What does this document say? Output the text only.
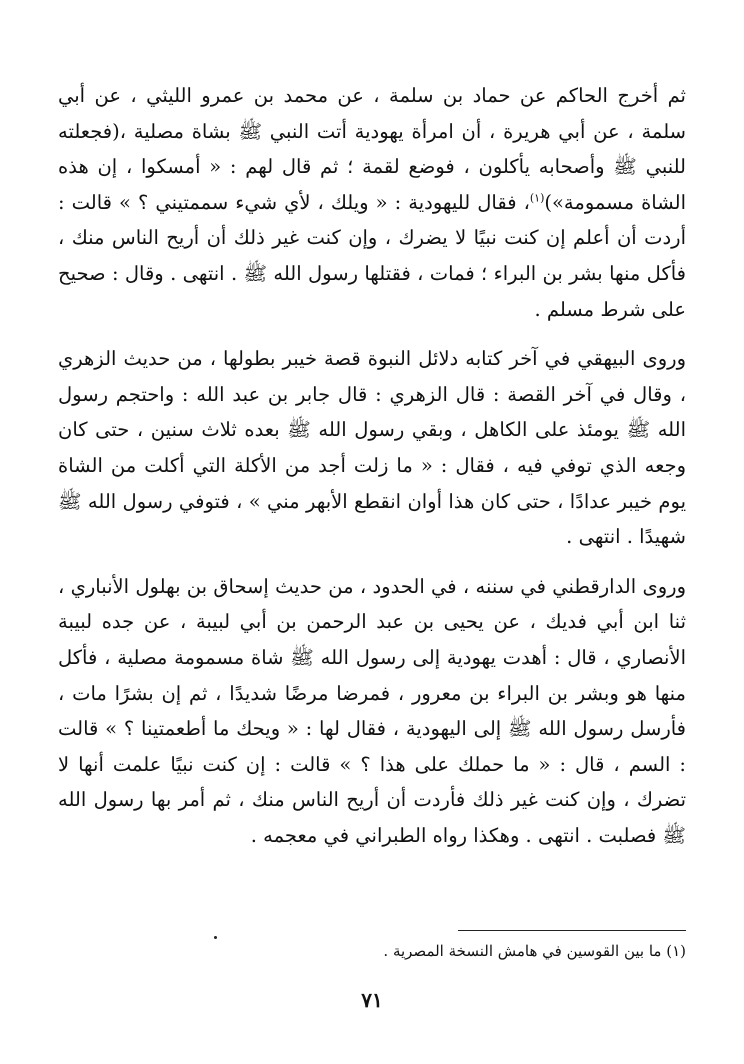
ثم أخرج الحاكم عن حماد بن سلمة ، عن محمد بن عمرو الليثي ، عن أبي سلمة ، عن أبي هريرة ، أن امرأة يهودية أتت النبي ﷺ بشاة مصلية ،(فجعلته للنبي ﷺ وأصحابه يأكلون ، فوضع لقمة ؛ ثم قال لهم : « أمسكوا ، إن هذه الشاة مسمومة»)$^{(١)}$، فقال لليهودية : « ويلك ، لأي شيء سممتيني ؟ » قالت : أردت أن أعلم إن كنت نبيًا لا يضرك ، وإن كنت غير ذلك أن أريح الناس منك ، فأكل منها بشر بن البراء ؛ فمات ، فقتلها رسول الله ﷺ . انتهى . وقال : صحيح على شرط مسلم .

وروى البيهقي في آخر كتابه دلائل النبوة قصة خيبر بطولها ، من حديث الزهري ، وقال في آخر القصة : قال الزهري : قال جابر بن عبد الله : واحتجم رسول الله ﷺ يومئذ على الكاهل ، وبقي رسول الله ﷺ بعده ثلاث سنين ، حتى كان وجعه الذي توفي فيه ، فقال : « ما زلت أجد من الأكلة التي أكلت من الشاة يوم خيبر عدادًا ، حتى كان هذا أوان انقطع الأبهر مني » ، فتوفي رسول الله ﷺ شهيدًا . انتهى .

وروى الدارقطني في سننه ، في الحدود ، من حديث إسحاق بن بهلول الأنباري ، ثنا ابن أبي فديك ، عن يحيى بن عبد الرحمن بن أبي لبيبة ، عن جده لبيبة الأنصاري ، قال : أهدت يهودية إلى رسول الله ﷺ شاة مسمومة مصلية ، فأكل منها هو وبشر بن البراء بن معرور ، فمرضا مرضًا شديدًا ، ثم إن بشرًا مات ، فأرسل رسول الله ﷺ إلى اليهودية ، فقال لها : « ويحك ما أطعمتينا ؟ » قالت : السم ، قال : « ما حملك على هذا ؟ » قالت : إن كنت نبيًا علمت أنها لا تضرك ، وإن كنت غير ذلك فأردت أن أريح الناس منك ، ثم أمر بها رسول الله ﷺ فصلبت . انتهى . وهكذا رواه الطبراني في معجمه .

(١) ما بين القوسين في هامش النسخة المصرية .

٧١
